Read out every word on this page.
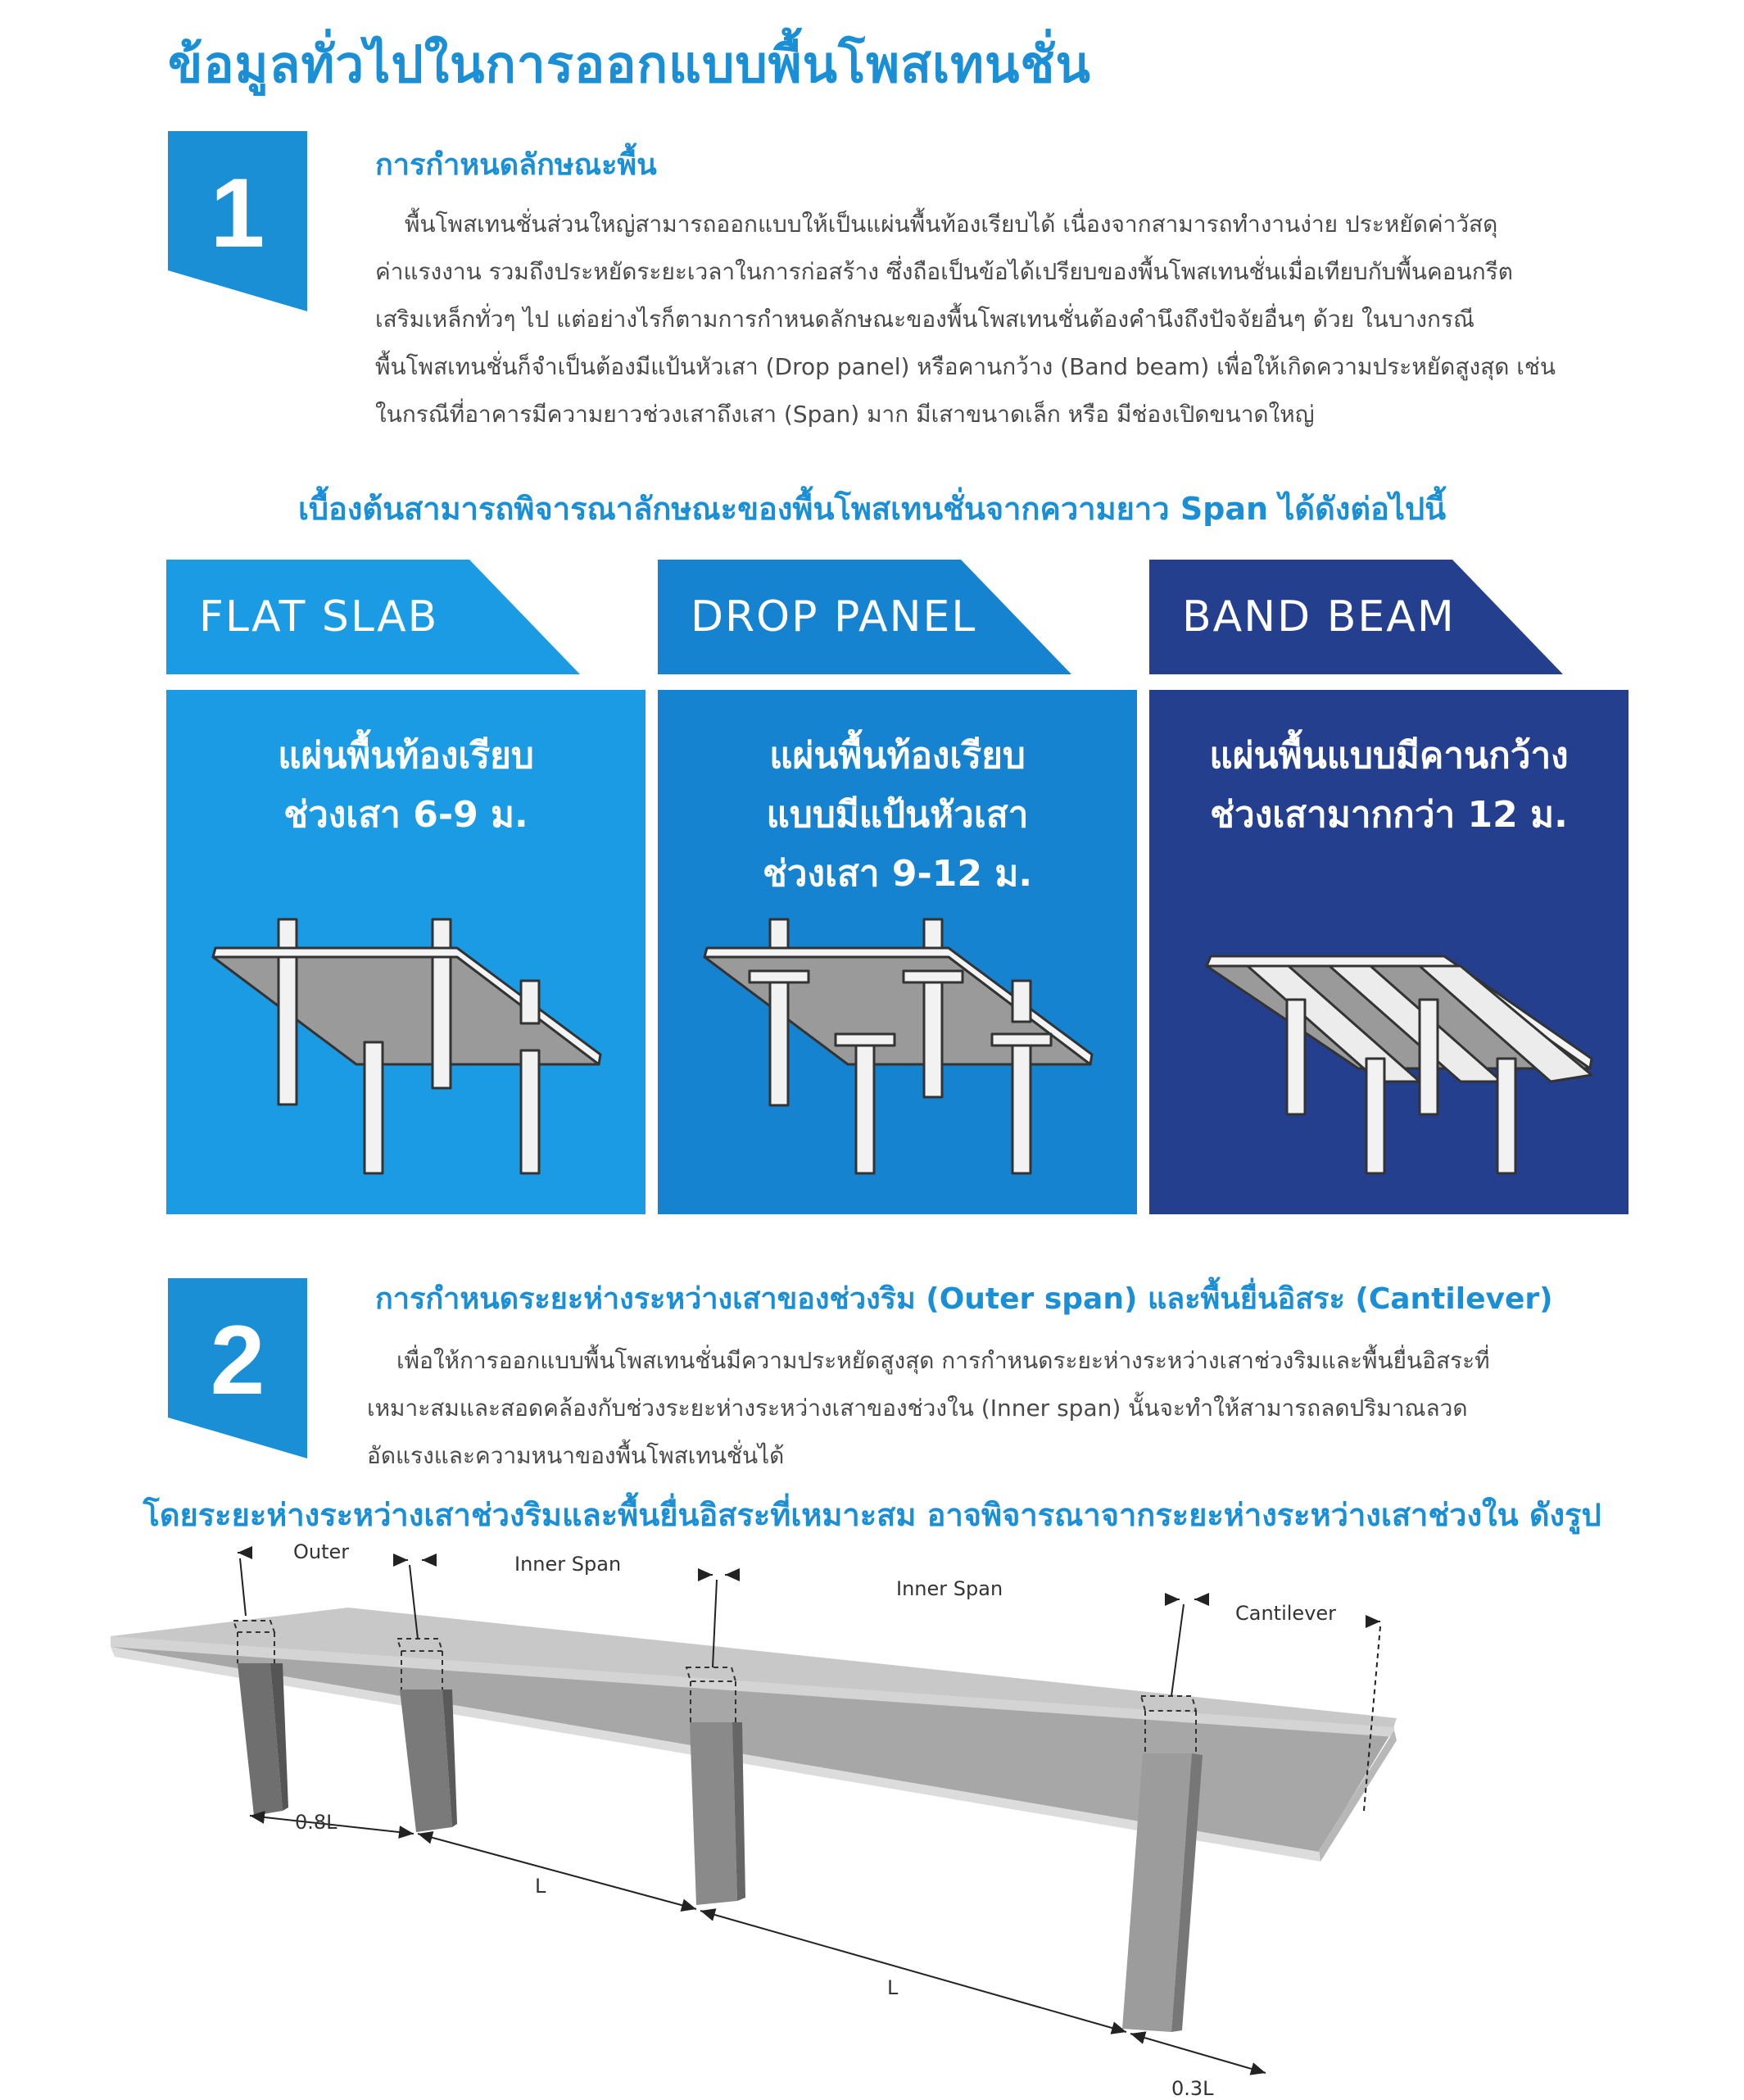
ข้อมูลทั่วไปในการออกแบบพื้นโพสเทนชั่น
1	การกำหนดลักษณะพื้น

พื้นโพสเทนชั่นส่วนใหญ่สามารถออกแบบให้เป็นแผ่นพื้นท้องเรียบได้ เนื่องจากสามารถทำงานง่าย ประหยัดค่าวัสดุ

ค่าแรงงาน รวมถึงประหยัดระยะเวลาในการก่อสร้าง ซึ่งถือเป็นข้อได้เปรียบของพื้นโพสเทนชั่นเมื่อเทียบกับพื้นคอนกรีต

เสริมเหล็กทั่วๆ ไป แต่อย่างไรก็ตามการกำหนดลักษณะของพื้นโพสเทนชั่นต้องคำนึงถึงปัจจัยอื่นๆ ด้วย ในบางกรณี

พื้นโพสเทนชั่นก็จำเป็นต้องมีแป้นหัวเสา (Drop panel) หรือคานกว้าง (Band beam) เพื่อให้เกิดความประหยัดสูงสุด เช่น

ในกรณีที่อาคารมีความยาวช่วงเสาถึงเสา (Span) มาก มีเสาขนาดเล็ก หรือ มีช่องเปิดขนาดใหญ่

เบื้องต้นสามารถพิจารณาลักษณะของพื้นโพสเทนชั่นจากความยาว Span ได้ดังต่อไปนี้
FLAT SLAB	DROP PANEL	BAND BEAM
แผ่นพื้นท้องเรียบ
ช่วงเสา 6-9 ม.
แผ่นพื้นท้องเรียบ
แบบมีแป้นหัวเสา
ช่วงเสา 9-12 ม.
แผ่นพื้นแบบมีคานกว้าง
ช่วงเสามากกว่า 12 ม.
2
การกำหนดระยะห่างระหว่างเสาของช่วงริม (Outer span) และพื้นยื่นอิสระ (Cantilever)

เพื่อให้การออกแบบพื้นโพสเทนชั่นมีความประหยัดสูงสุด การกำหนดระยะห่างระหว่างเสาช่วงริมและพื้นยื่นอิสระที่

เหมาะสมและสอดคล้องกับช่วงระยะห่างระหว่างเสาของช่วงใน (Inner span) นั้นจะทำให้สามารถลดปริมาณลวด

อัดแรงและความหนาของพื้นโพสเทนชั่นได้

โดยระยะห่างระหว่างเสาช่วงริมและพื้นยื่นอิสระที่เหมาะสม อาจพิจารณาจากระยะห่างระหว่างเสาช่วงใน ดังรูป
Outer
Inner Span
Inner Span
Cantilever
0.8L
L
L
0.3L
